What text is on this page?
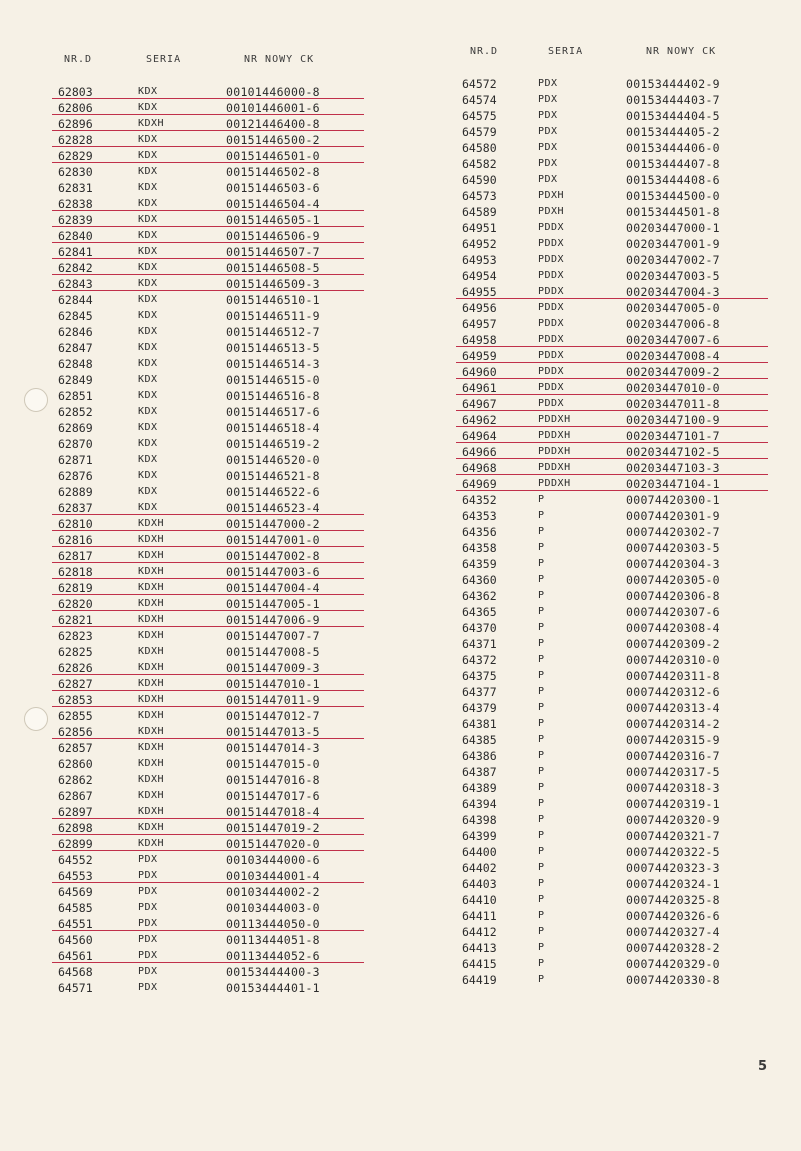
NR.D	SERIA	NR NOWY CK
62803	KDX	00101446000-8
62806	KDX	00101446001-6
62896	KDXH	00121446400-8
62828	KDX	00151446500-2
62829	KDX	00151446501-0
62830	KDX	00151446502-8
62831	KDX	00151446503-6
62838	KDX	00151446504-4
62839	KDX	00151446505-1
62840	KDX	00151446506-9
62841	KDX	00151446507-7
62842	KDX	00151446508-5
62843	KDX	00151446509-3
62844	KDX	00151446510-1
62845	KDX	00151446511-9
62846	KDX	00151446512-7
62847	KDX	00151446513-5
62848	KDX	00151446514-3
62849	KDX	00151446515-0
62851	KDX	00151446516-8
62852	KDX	00151446517-6
62869	KDX	00151446518-4
62870	KDX	00151446519-2
62871	KDX	00151446520-0
62876	KDX	00151446521-8
62889	KDX	00151446522-6
62837	KDX	00151446523-4
62810	KDXH	00151447000-2
62816	KDXH	00151447001-0
62817	KDXH	00151447002-8
62818	KDXH	00151447003-6
62819	KDXH	00151447004-4
62820	KDXH	00151447005-1
62821	KDXH	00151447006-9
62823	KDXH	00151447007-7
62825	KDXH	00151447008-5
62826	KDXH	00151447009-3
62827	KDXH	00151447010-1
62853	KDXH	00151447011-9
62855	KDXH	00151447012-7
62856	KDXH	00151447013-5
62857	KDXH	00151447014-3
62860	KDXH	00151447015-0
62862	KDXH	00151447016-8
62867	KDXH	00151447017-6
62897	KDXH	00151447018-4
62898	KDXH	00151447019-2
62899	KDXH	00151447020-0
64552	PDX	00103444000-6
64553	PDX	00103444001-4
64569	PDX	00103444002-2
64585	PDX	00103444003-0
64551	PDX	00113444050-0
64560	PDX	00113444051-8
64561	PDX	00113444052-6
64568	PDX	00153444400-3
64571	PDX	00153444401-1
NR.D	SERIA	NR NOWY CK
64572	PDX	00153444402-9
64574	PDX	00153444403-7
64575	PDX	00153444404-5
64579	PDX	00153444405-2
64580	PDX	00153444406-0
64582	PDX	00153444407-8
64590	PDX	00153444408-6
64573	PDXH	00153444500-0
64589	PDXH	00153444501-8
64951	PDDX	00203447000-1
64952	PDDX	00203447001-9
64953	PDDX	00203447002-7
64954	PDDX	00203447003-5
64955	PDDX	00203447004-3
64956	PDDX	00203447005-0
64957	PDDX	00203447006-8
64958	PDDX	00203447007-6
64959	PDDX	00203447008-4
64960	PDDX	00203447009-2
64961	PDDX	00203447010-0
64967	PDDX	00203447011-8
64962	PDDXH	00203447100-9
64964	PDDXH	00203447101-7
64966	PDDXH	00203447102-5
64968	PDDXH	00203447103-3
64969	PDDXH	00203447104-1
64352	P	00074420300-1
64353	P	00074420301-9
64356	P	00074420302-7
64358	P	00074420303-5
64359	P	00074420304-3
64360	P	00074420305-0
64362	P	00074420306-8
64365	P	00074420307-6
64370	P	00074420308-4
64371	P	00074420309-2
64372	P	00074420310-0
64375	P	00074420311-8
64377	P	00074420312-6
64379	P	00074420313-4
64381	P	00074420314-2
64385	P	00074420315-9
64386	P	00074420316-7
64387	P	00074420317-5
64389	P	00074420318-3
64394	P	00074420319-1
64398	P	00074420320-9
64399	P	00074420321-7
64400	P	00074420322-5
64402	P	00074420323-3
64403	P	00074420324-1
64410	P	00074420325-8
64411	P	00074420326-6
64412	P	00074420327-4
64413	P	00074420328-2
64415	P	00074420329-0
64419	P	00074420330-8
5
